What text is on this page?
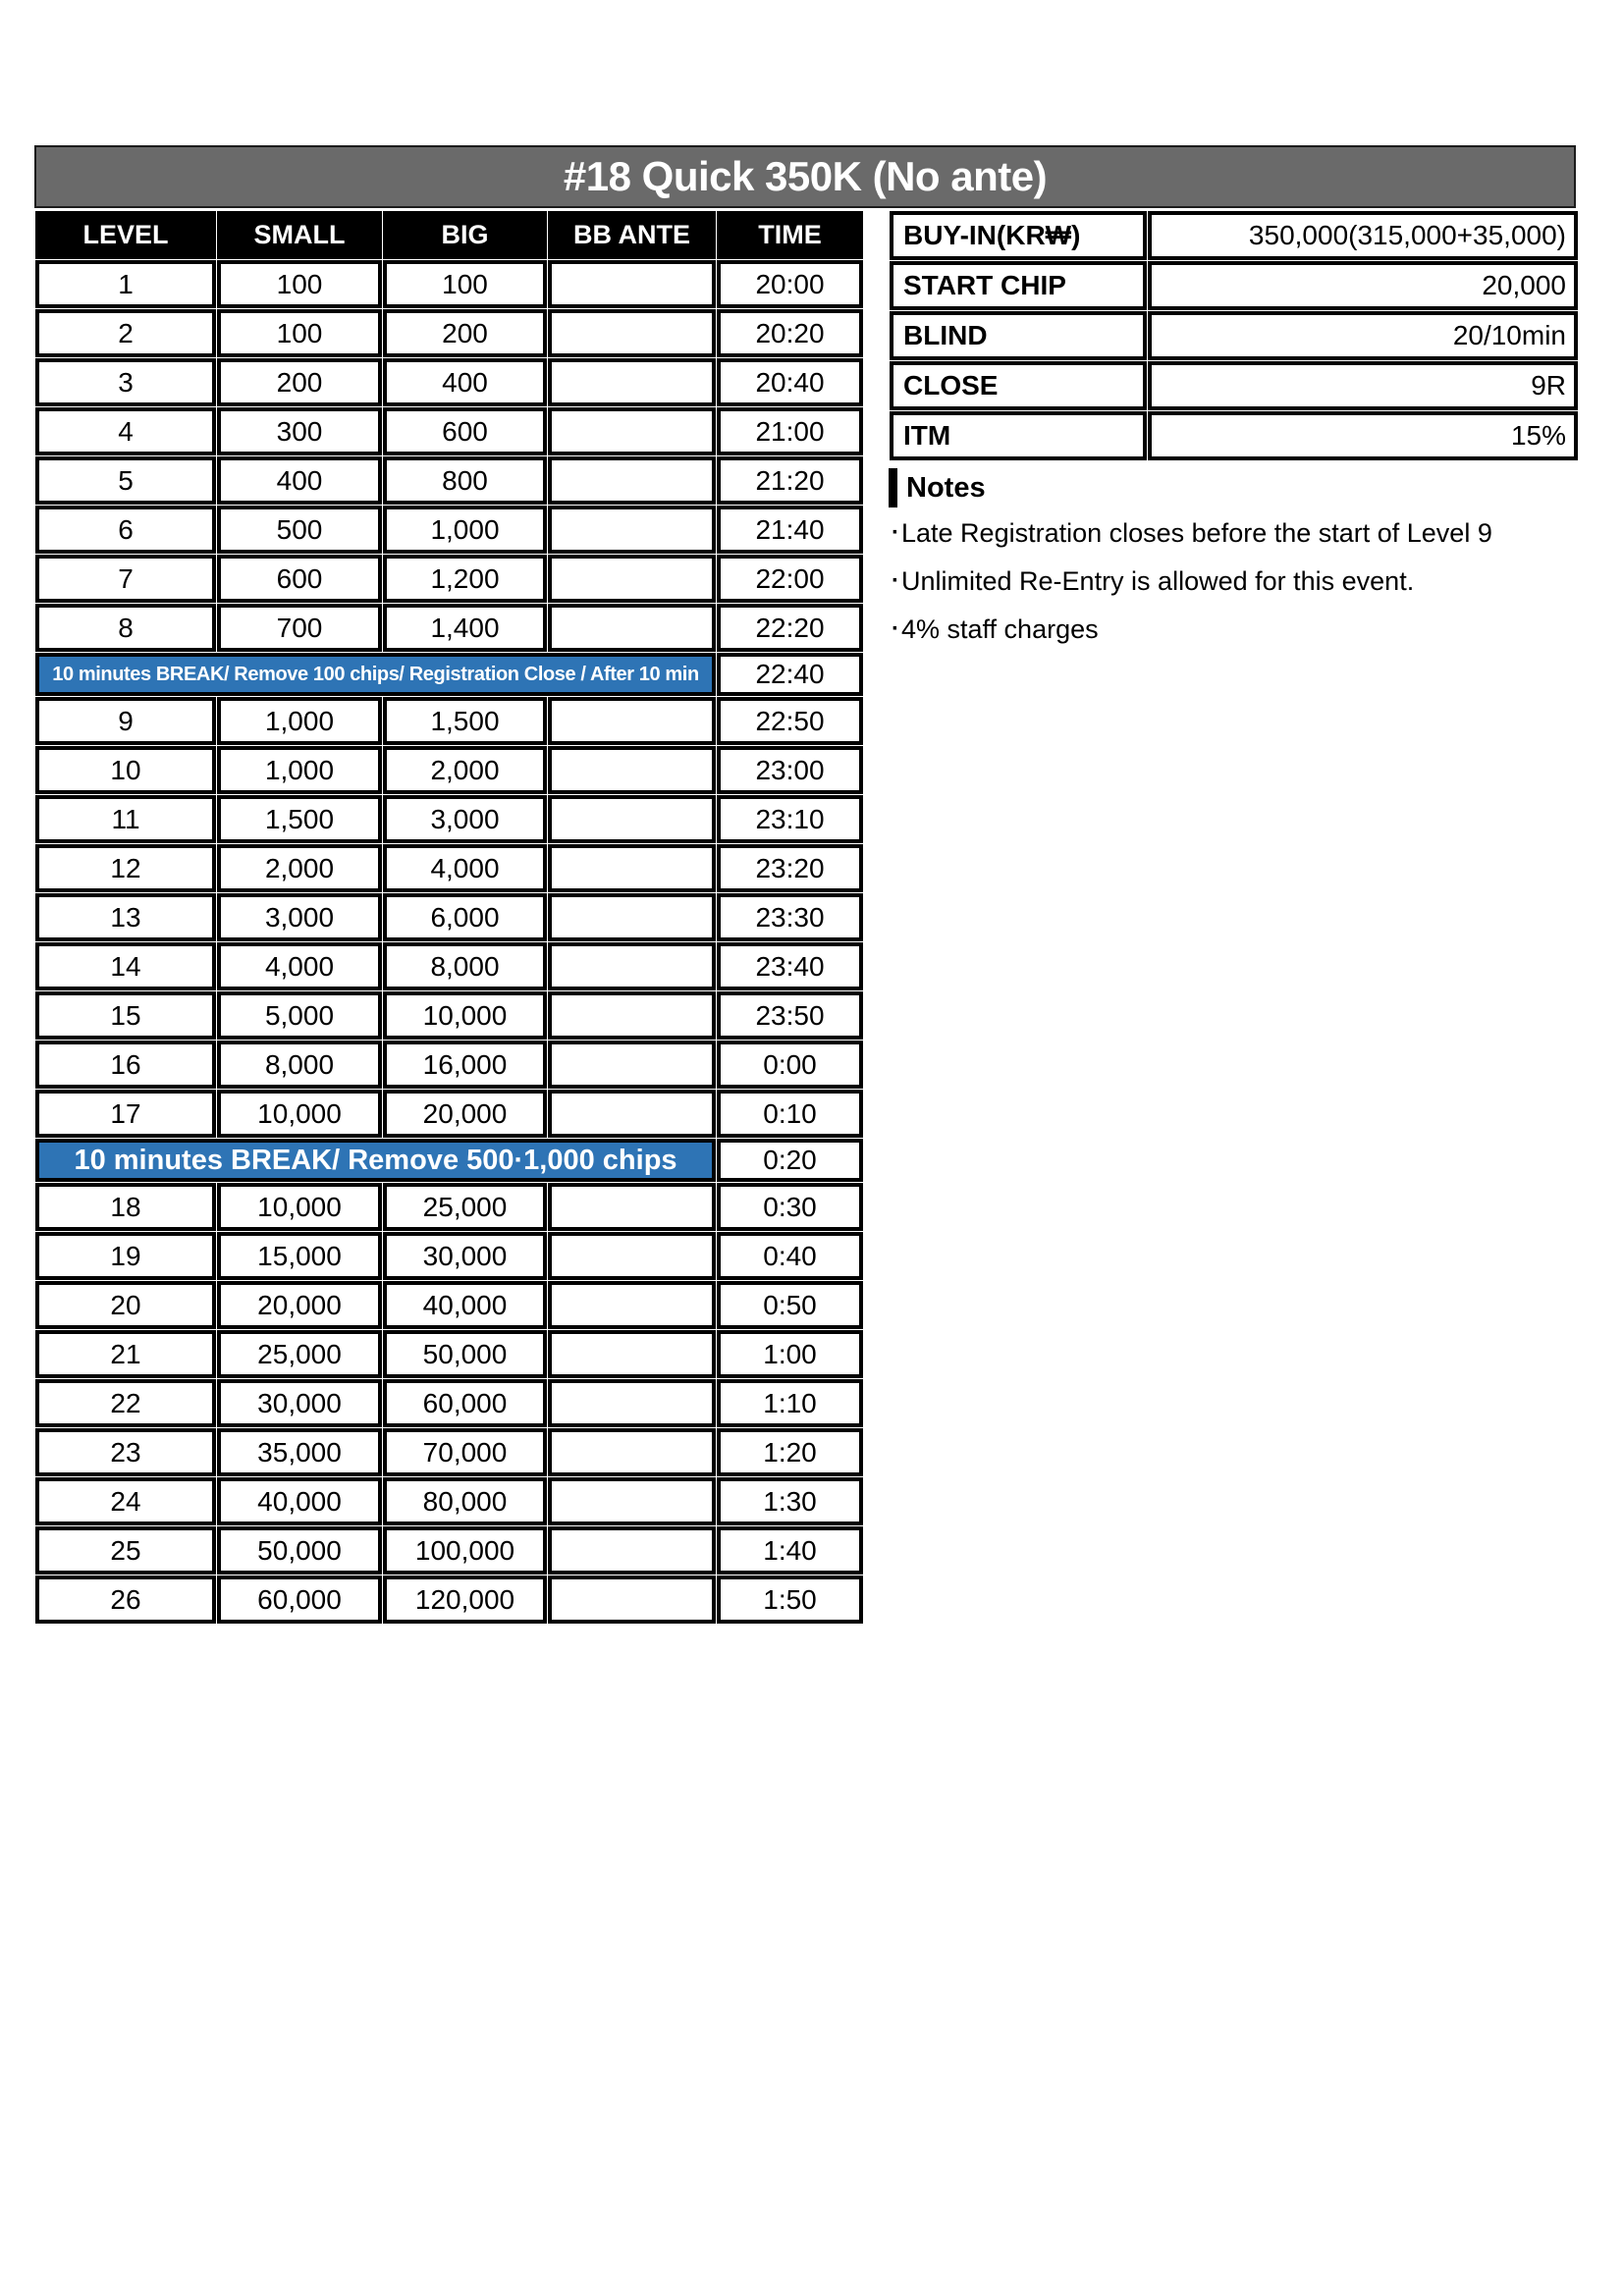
#18 Quick 350K (No ante)
LEVEL	SMALL	BIG	BB ANTE	TIME
1	100	100		20:00
2	100	200		20:20
3	200	400		20:40
4	300	600		21:00
5	400	800		21:20
6	500	1,000		21:40
7	600	1,200		22:00
8	700	1,400		22:20
10 minutes BREAK/ Remove 100 chips/ Registration Close / After 10 min				22:40
9	1,000	1,500		22:50
10	1,000	2,000		23:00
11	1,500	3,000		23:10
12	2,000	4,000		23:20
13	3,000	6,000		23:30
14	4,000	8,000		23:40
15	5,000	10,000		23:50
16	8,000	16,000		0:00
17	10,000	20,000		0:10
10 minutes BREAK/ Remove 500·1,000 chips				0:20
18	10,000	25,000		0:30
19	15,000	30,000		0:40
20	20,000	40,000		0:50
21	25,000	50,000		1:00
22	30,000	60,000		1:10
23	35,000	70,000		1:20
24	40,000	80,000		1:30
25	50,000	100,000		1:40
26	60,000	120,000		1:50
BUY-IN(KR₩)	350,000(315,000+35,000)
START CHIP	20,000
BLIND	20/10min
CLOSE	9R
ITM	15%
Notes
·Late Registration closes before the start of Level 9
·Unlimited Re-Entry is allowed for this event.
·4% staff charges
